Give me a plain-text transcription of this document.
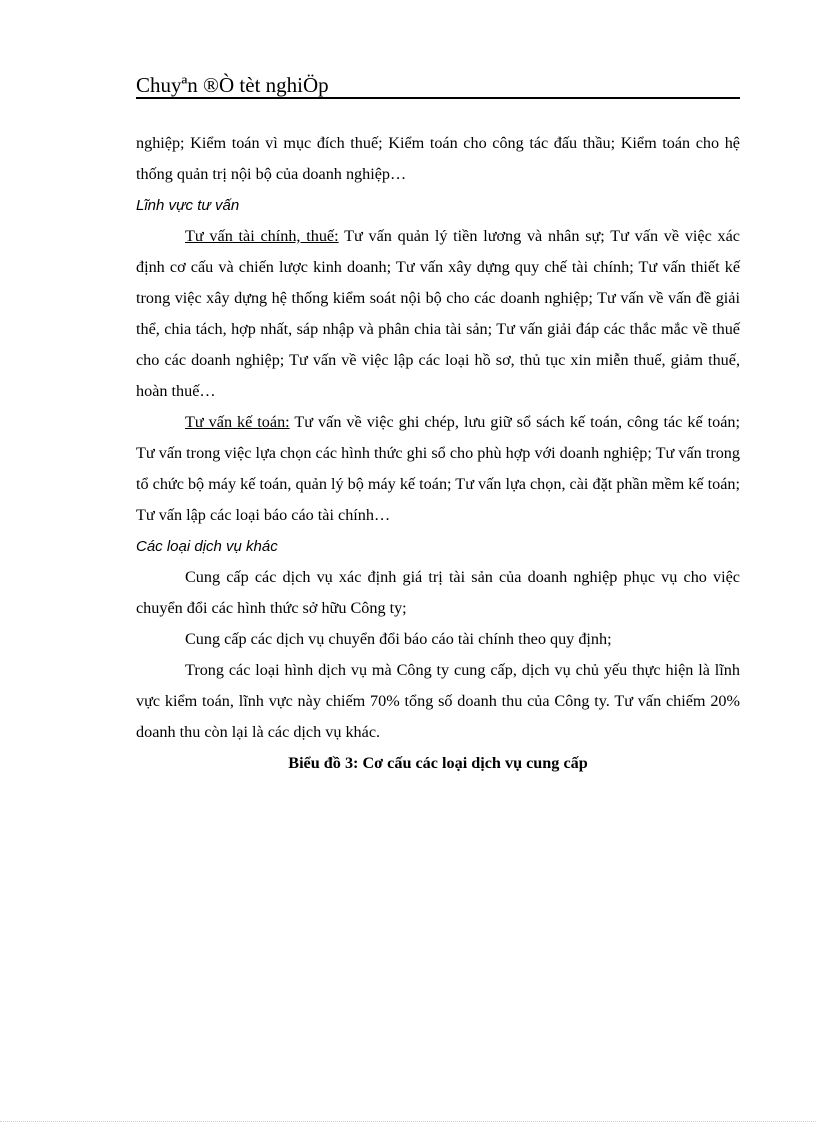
Chuyªn ®Ò tèt nghiÖp

nghiệp; Kiểm toán vì mục đích thuế; Kiểm toán cho công tác đấu thầu; Kiểm toán cho hệ thống quản trị nội bộ của doanh nghiệp…

Lĩnh vực tư vấn

Tư vấn tài chính, thuế: Tư vấn quản lý tiền lương và nhân sự; Tư vấn về việc xác định cơ cấu và chiến lược kinh doanh; Tư vấn xây dựng quy chế tài chính; Tư vấn thiết kế trong việc xây dựng hệ thống kiểm soát nội bộ cho các doanh nghiệp; Tư vấn về vấn đề giải thể, chia tách, hợp nhất, sáp nhập và phân chia tài sản; Tư vấn giải đáp các thắc mắc về thuế cho các doanh nghiệp; Tư vấn về việc lập các loại hồ sơ, thủ tục xin miễn thuế, giảm thuế, hoàn thuế…

Tư vấn kế toán: Tư vấn về việc ghi chép, lưu giữ sổ sách kế toán, công tác kế toán; Tư vấn trong việc lựa chọn các hình thức ghi sổ cho phù hợp với doanh nghiệp; Tư vấn trong tổ chức bộ máy kế toán, quản lý bộ máy kế toán; Tư vấn lựa chọn, cài đặt phần mềm kế toán; Tư vấn lập các loại báo cáo tài chính…

Các loại dịch vụ khác

Cung cấp các dịch vụ xác định giá trị tài sản của doanh nghiệp phục vụ cho việc chuyển đổi các hình thức sở hữu Công ty;

Cung cấp các dịch vụ chuyển đổi báo cáo tài chính theo quy định;

Trong các loại hình dịch vụ mà Công ty cung cấp, dịch vụ chủ yếu thực hiện là lĩnh vực kiểm toán, lĩnh vực này chiếm 70% tổng số doanh thu của Công ty. Tư vấn chiếm 20% doanh thu còn lại là các dịch vụ khác.

Biểu đồ 3: Cơ cấu các loại dịch vụ cung cấp
